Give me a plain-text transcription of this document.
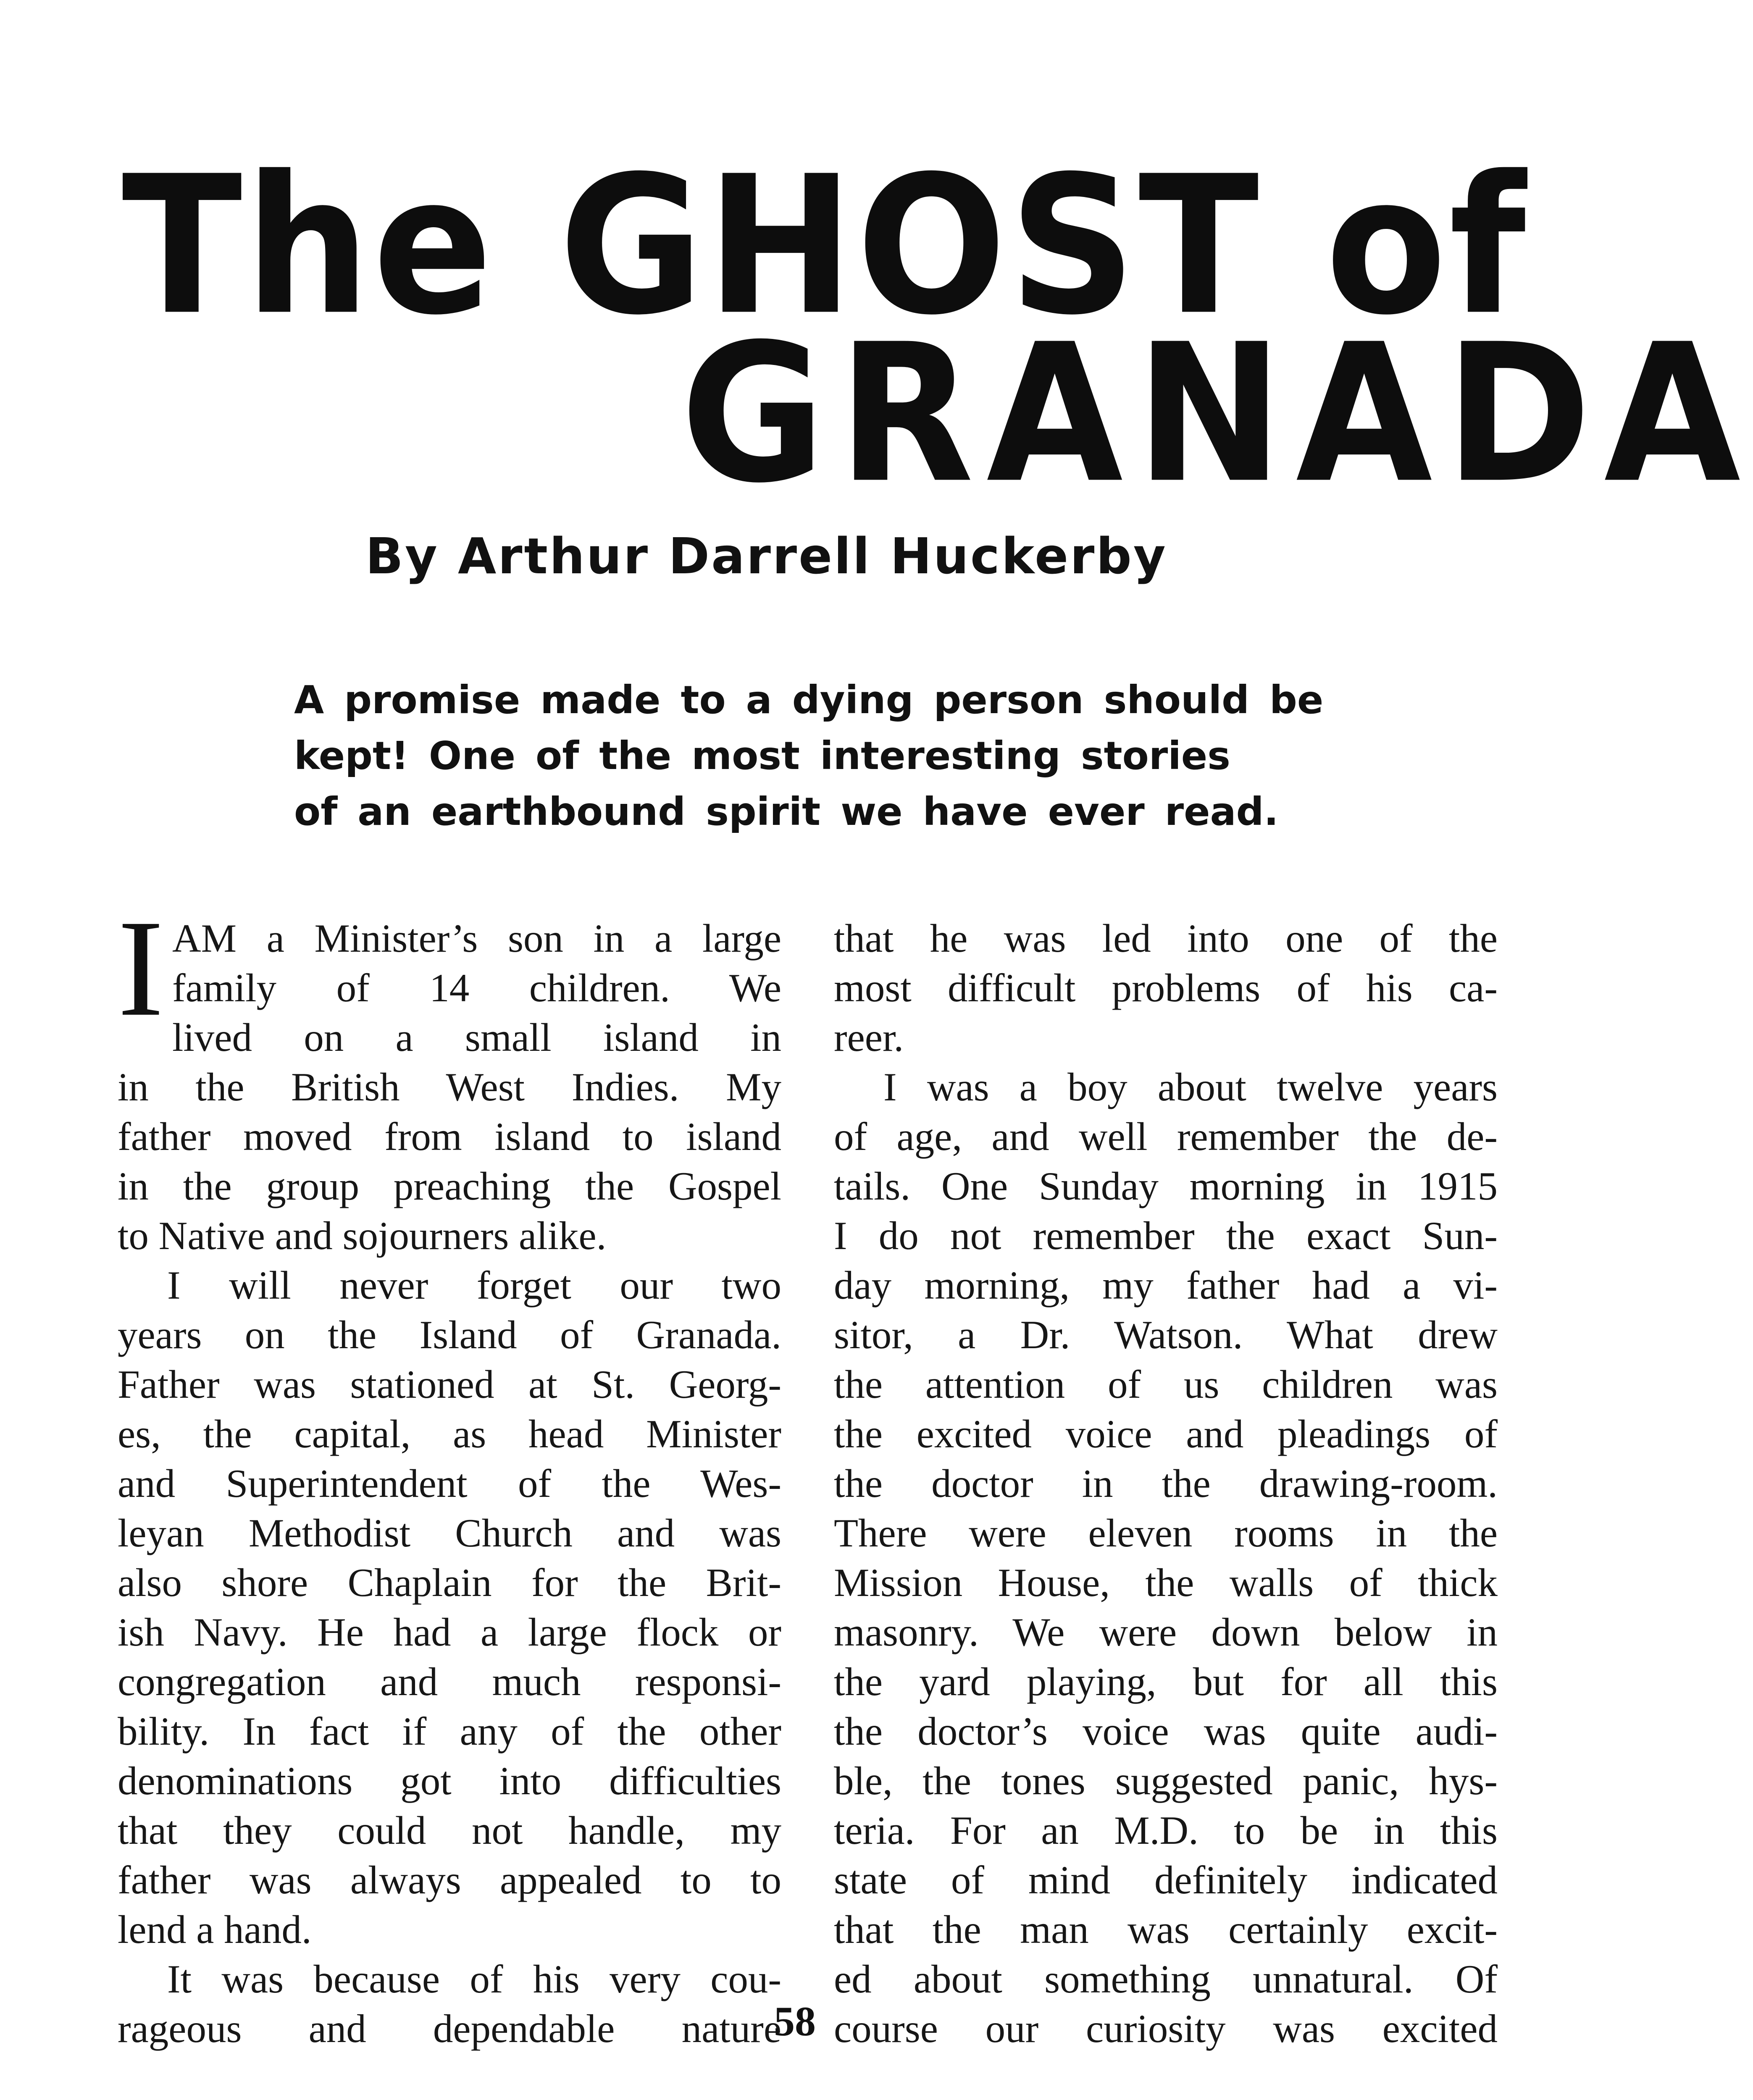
The GHOST of
GRANADA
By Arthur Darrell Huckerby

A promise made to a dying person should be

kept! One of the most interesting stories

of an earthbound spirit we have ever read.

I AM a Minister’s son in a large
family of 14 children. We
lived on a small island in
in the British West Indies. My
father moved from island to island
in the group preaching the Gospel
to Native and sojourners alike.
I will never forget our two
years on the Island of Granada.
Father was stationed at St. Georg-
es, the capital, as head Minister
and Superintendent of the Wes-
leyan Methodist Church and was
also shore Chaplain for the Brit-
ish Navy. He had a large flock or
congregation and much responsi-
bility. In fact if any of the other
denominations got into difficulties
that they could not handle, my
father was always appealed to to
lend a hand.
It was because of his very cou-
rageous and dependable nature
that he was led into one of the
most difficult problems of his ca-
reer.
I was a boy about twelve years
of age, and well remember the de-
tails. One Sunday morning in 1915
I do not remember the exact Sun-
day morning, my father had a vi-
sitor, a Dr. Watson. What drew
the attention of us children was
the excited voice and pleadings of
the doctor in the drawing-room.
There were eleven rooms in the
Mission House, the walls of thick
masonry. We were down below in
the yard playing, but for all this
the doctor’s voice was quite audi-
ble, the tones suggested panic, hys-
teria. For an M.D. to be in this
state of mind definitely indicated
that the man was certainly excit-
ed about something unnatural. Of
course our curiosity was excited
58
